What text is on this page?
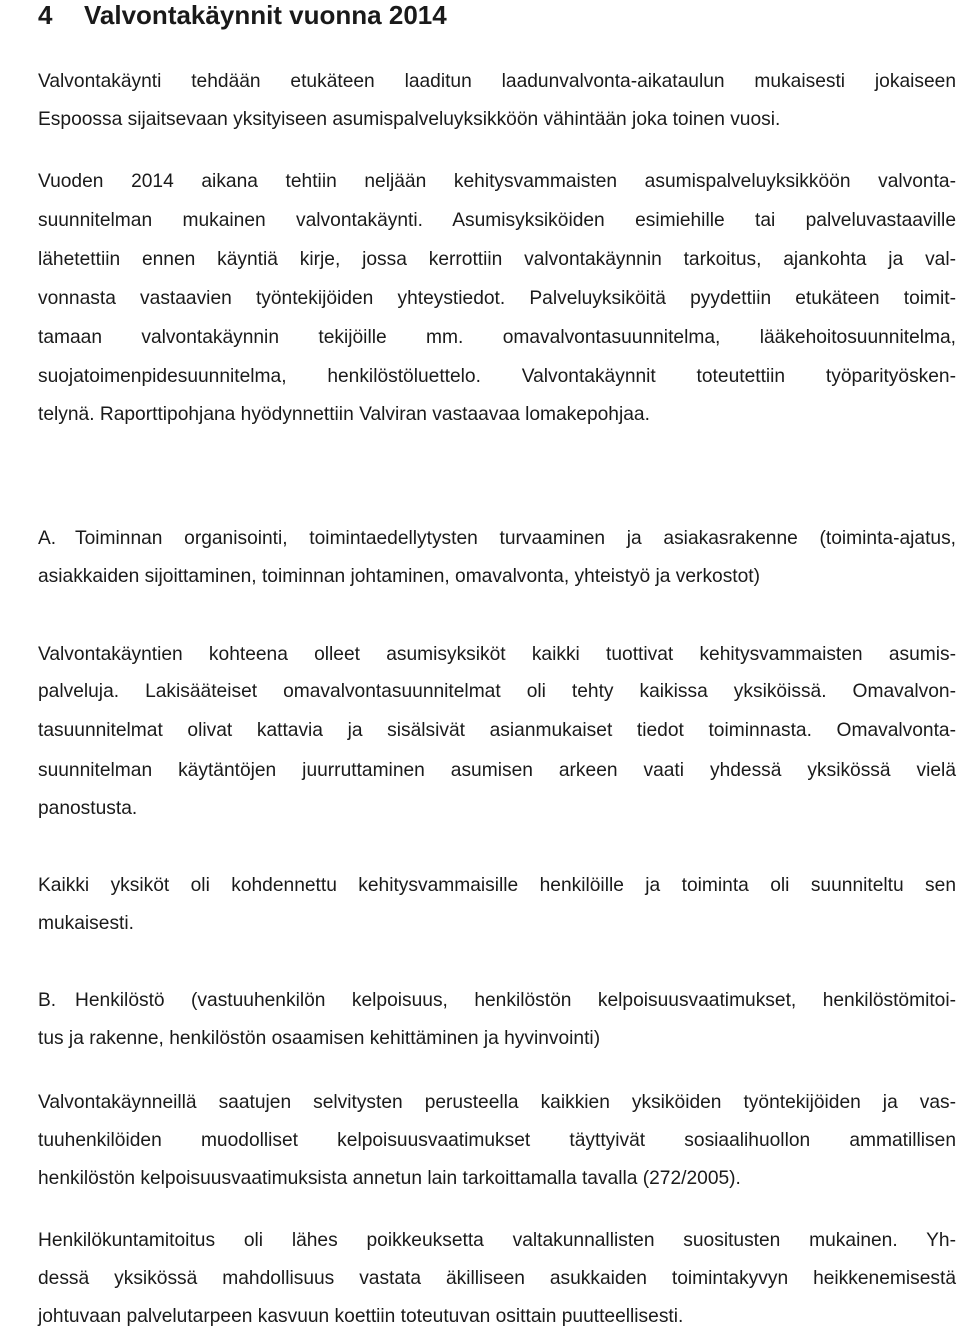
4 Valvontakäynnit vuonna 2014
Valvontakäynti tehdään etukäteen laaditun laadunvalvonta-aikataulun mukaisesti jokaiseen
Espoossa sijaitsevaan yksityiseen asumispalveluyksikköön vähintään joka toinen vuosi.
Vuoden 2014 aikana tehtiin neljään kehitysvammaisten asumispalveluyksikköön valvonta-
suunnitelman mukainen valvontakäynti. Asumisyksiköiden esimiehille tai palveluvastaaville
lähetettiin ennen käyntiä kirje, jossa kerrottiin valvontakäynnin tarkoitus, ajankohta ja val-
vonnasta vastaavien työntekijöiden yhteystiedot. Palveluyksiköitä pyydettiin etukäteen toimit-
tamaan valvontakäynnin tekijöille mm. omavalvontasuunnitelma, lääkehoitosuunnitelma,
suojatoimenpidesuunnitelma, henkilöstöluettelo. Valvontakäynnit toteutettiin työparityösken-
telynä. Raporttipohjana hyödynnettiin Valviran vastaavaa lomakepohjaa.
A. Toiminnan organisointi, toimintaedellytysten turvaaminen ja asiakasrakenne (toiminta-ajatus,
asiakkaiden sijoittaminen, toiminnan johtaminen, omavalvonta, yhteistyö ja verkostot)
Valvontakäyntien kohteena olleet asumisyksiköt kaikki tuottivat kehitysvammaisten asumis-
palveluja. Lakisääteiset omavalvontasuunnitelmat oli tehty kaikissa yksiköissä. Omavalvon-
tasuunnitelmat olivat kattavia ja sisälsivät asianmukaiset tiedot toiminnasta. Omavalvonta-
suunnitelman käytäntöjen juurruttaminen asumisen arkeen vaati yhdessä yksikössä vielä
panostusta.
Kaikki yksiköt oli kohdennettu kehitysvammaisille henkilöille ja toiminta oli suunniteltu sen
mukaisesti.
B. Henkilöstö (vastuuhenkilön kelpoisuus, henkilöstön kelpoisuusvaatimukset, henkilöstömitoi-
tus ja rakenne, henkilöstön osaamisen kehittäminen ja hyvinvointi)
Valvontakäynneillä saatujen selvitysten perusteella kaikkien yksiköiden työntekijöiden ja vas-
tuuhenkilöiden muodolliset kelpoisuusvaatimukset täyttyivät sosiaalihuollon ammatillisen
henkilöstön kelpoisuusvaatimuksista annetun lain tarkoittamalla tavalla (272/2005).
Henkilökuntamitoitus oli lähes poikkeuksetta valtakunnallisten suositusten mukainen. Yh-
dessä yksikössä mahdollisuus vastata äkilliseen asukkaiden toimintakyvyn heikkenemisestä
johtuvaan palvelutarpeen kasvuun koettiin toteutuvan osittain puutteellisesti.
